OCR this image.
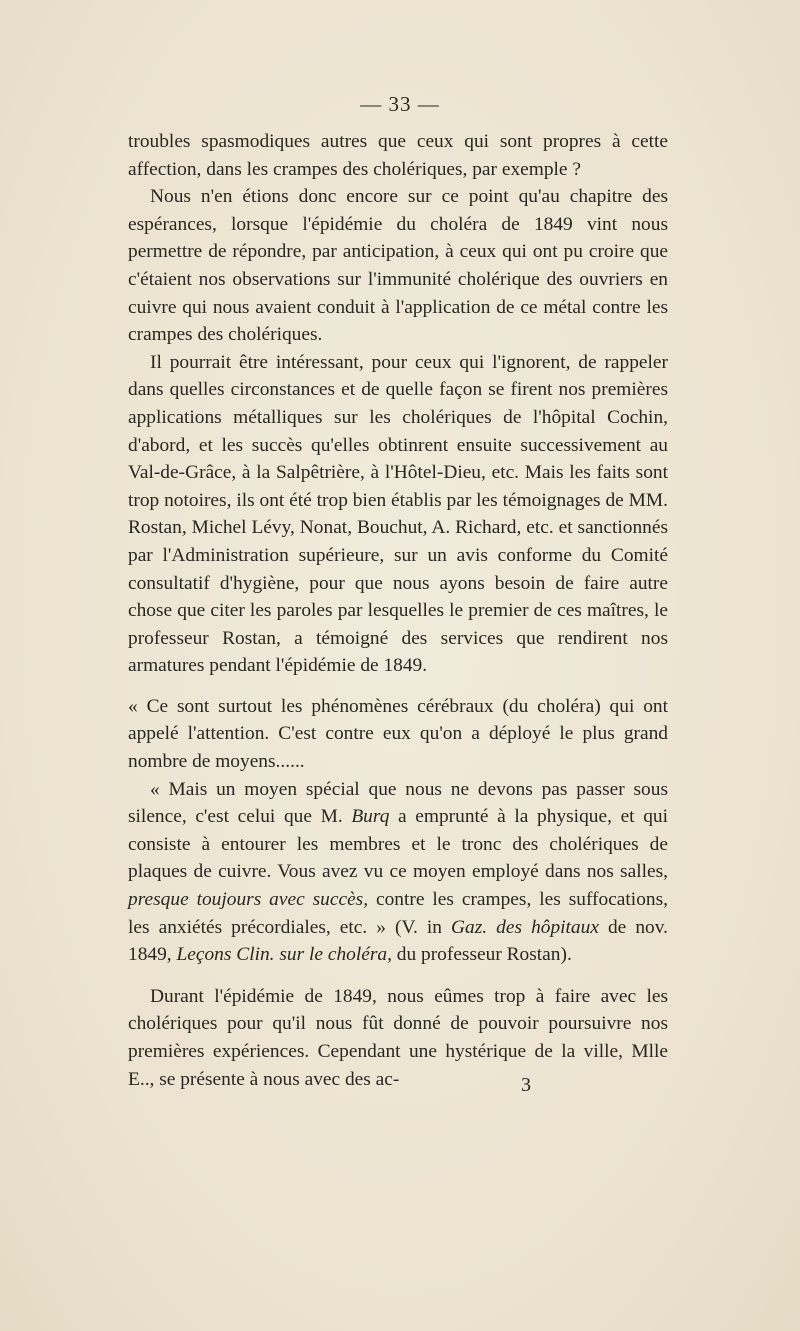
— 33 —

troubles spasmodiques autres que ceux qui sont propres à cette affection, dans les crampes des cholériques, par exemple ?

Nous n'en étions donc encore sur ce point qu'au chapitre des espérances, lorsque l'épidémie du choléra de 1849 vint nous permettre de répondre, par anticipation, à ceux qui ont pu croire que c'étaient nos observations sur l'immunité cholérique des ouvriers en cuivre qui nous avaient conduit à l'application de ce métal contre les crampes des cholériques.

Il pourrait être intéressant, pour ceux qui l'ignorent, de rappeler dans quelles circonstances et de quelle façon se firent nos premières applications métalliques sur les cholériques de l'hôpital Cochin, d'abord, et les succès qu'elles obtinrent ensuite successivement au Val-de-Grâce, à la Salpêtrière, à l'Hôtel-Dieu, etc. Mais les faits sont trop notoires, ils ont été trop bien établis par les témoignages de MM. Rostan, Michel Lévy, Nonat, Bouchut, A. Richard, etc. et sanctionnés par l'Administration supérieure, sur un avis conforme du Comité consultatif d'hygiène, pour que nous ayons besoin de faire autre chose que citer les paroles par lesquelles le premier de ces maîtres, le professeur Rostan, a témoigné des services que rendirent nos armatures pendant l'épidémie de 1849.

« Ce sont surtout les phénomènes cérébraux (du choléra) qui ont appelé l'attention. C'est contre eux qu'on a déployé le plus grand nombre de moyens......

« Mais un moyen spécial que nous ne devons pas passer sous silence, c'est celui que M. Burq a emprunté à la physique, et qui consiste à entourer les membres et le tronc des cholériques de plaques de cuivre. Vous avez vu ce moyen employé dans nos salles, presque toujours avec succès, contre les crampes, les suffocations, les anxiétés précordiales, etc. » (V. in Gaz. des hôpitaux de nov. 1849, Leçons Clin. sur le choléra, du professeur Rostan).

Durant l'épidémie de 1849, nous eûmes trop à faire avec les cholériques pour qu'il nous fût donné de pouvoir poursuivre nos premières expériences. Cependant une hystérique de la ville, Mlle E.., se présente à nous avec des ac-	3
